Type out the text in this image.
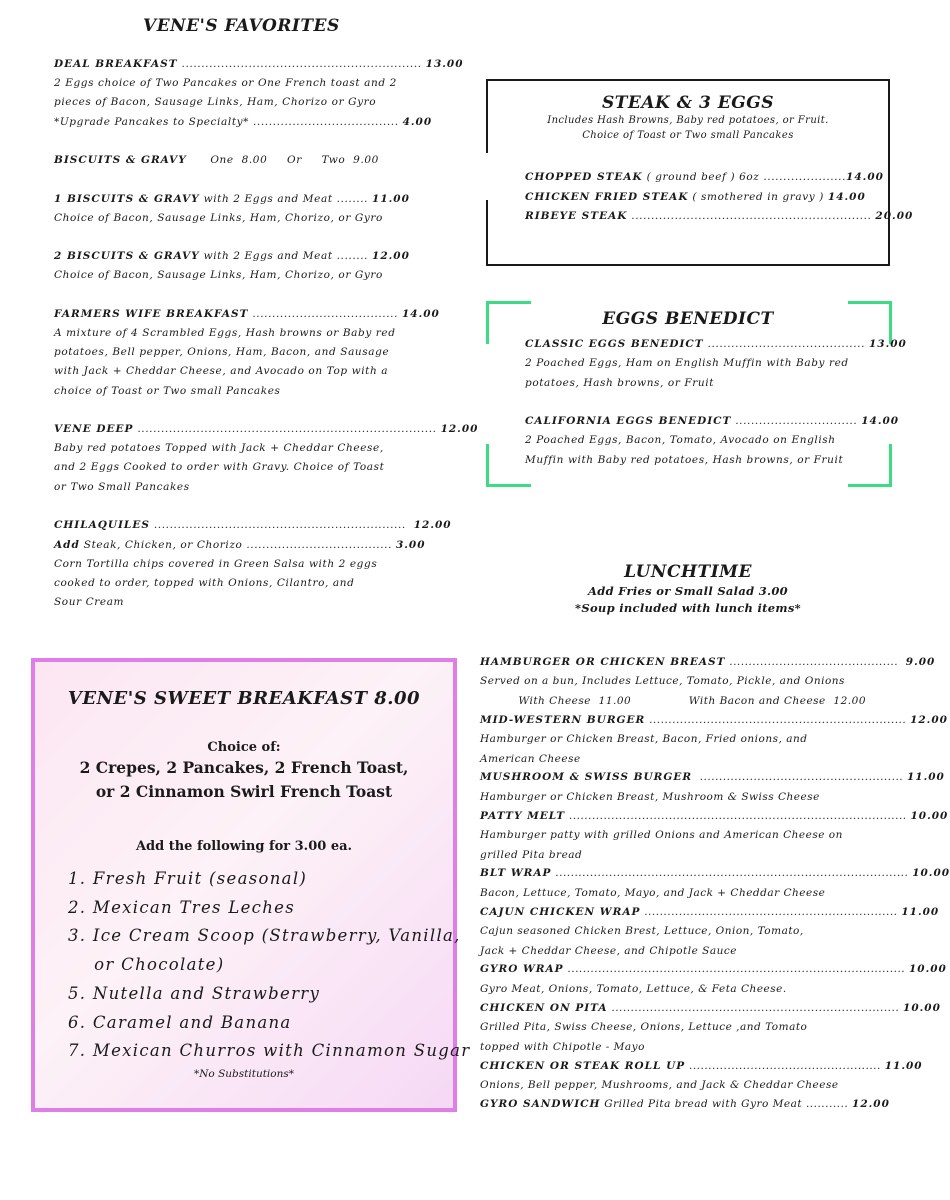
VENE'S FAVORITES
DEAL BREAKFAST ............................................................. 13.00
2 Eggs choice of Two Pancakes or One French toast and 2
pieces of Bacon, Sausage Links, Ham, Chorizo or Gyro
*Upgrade Pancakes to Specialty* ..................................... 4.00
BISCUITS & GRAVY      One  8.00     Or     Two  9.00
1 BISCUITS & GRAVY with 2 Eggs and Meat ........ 11.00
Choice of Bacon, Sausage Links, Ham, Chorizo, or Gyro
2 BISCUITS & GRAVY with 2 Eggs and Meat ........ 12.00
Choice of Bacon, Sausage Links, Ham, Chorizo, or Gyro
FARMERS WIFE BREAKFAST ..................................... 14.00
A mixture of 4 Scrambled Eggs, Hash browns or Baby red
potatoes, Bell pepper, Onions, Ham, Bacon, and Sausage
with Jack + Cheddar Cheese, and Avocado on Top with a
choice of Toast or Two small Pancakes
VENE DEEP ............................................................................ 12.00
Baby red potatoes Topped with Jack + Cheddar Cheese,
and 2 Eggs Cooked to order with Gravy. Choice of Toast
or Two Small Pancakes
CHILAQUILES ................................................................  12.00
Add Steak, Chicken, or Chorizo ..................................... 3.00
Corn Tortilla chips covered in Green Salsa with 2 eggs
cooked to order, topped with Onions, Cilantro, and
Sour Cream
STEAK & 3 EGGS
Includes Hash Browns, Baby red potatoes, or Fruit.
Choice of Toast or Two small Pancakes
CHOPPED STEAK ( ground beef ) 6oz .....................14.00
CHICKEN FRIED STEAK ( smothered in gravy ) 14.00
RIBEYE STEAK ............................................................. 20.00
EGGS BENEDICT
CLASSIC EGGS BENEDICT ........................................ 13.00
2 Poached Eggs, Ham on English Muffin with Baby red
potatoes, Hash browns, or Fruit
CALIFORNIA EGGS BENEDICT ............................... 14.00
2 Poached Eggs, Bacon, Tomato, Avocado on English
Muffin with Baby red potatoes, Hash browns, or Fruit
LUNCHTIME
Add Fries or Small Salad 3.00
*Soup included with lunch items*
HAMBURGER OR CHICKEN BREAST ............................................  9.00
Served on a bun, Includes Lettuce, Tomato, Pickle, and Onions
With Cheese  11.00               With Bacon and Cheese  12.00
MID-WESTERN BURGER ................................................................... 12.00
Hamburger or Chicken Breast, Bacon, Fried onions, and
American Cheese
MUSHROOM & SWISS BURGER  ..................................................... 11.00
Hamburger or Chicken Breast, Mushroom & Swiss Cheese
PATTY MELT ........................................................................................ 10.00
Hamburger patty with grilled Onions and American Cheese on
grilled Pita bread
BLT WRAP ............................................................................................ 10.00
Bacon, Lettuce, Tomato, Mayo, and Jack + Cheddar Cheese
CAJUN CHICKEN WRAP .................................................................. 11.00
Cajun seasoned Chicken Brest, Lettuce, Onion, Tomato,
Jack + Cheddar Cheese, and Chipotle Sauce
GYRO WRAP ........................................................................................ 10.00
Gyro Meat, Onions, Tomato, Lettuce, & Feta Cheese.
CHICKEN ON PITA ........................................................................... 10.00
Grilled Pita, Swiss Cheese, Onions, Lettuce ,and Tomato
topped with Chipotle - Mayo
CHICKEN OR STEAK ROLL UP .................................................. 11.00
Onions, Bell pepper, Mushrooms, and Jack & Cheddar Cheese
GYRO SANDWICH Grilled Pita bread with Gyro Meat ........... 12.00
VENE'S SWEET BREAKFAST 8.00
Choice of:
2 Crepes, 2 Pancakes, 2 French Toast,
or 2 Cinnamon Swirl French Toast
Add the following for 3.00 ea.
1. Fresh Fruit (seasonal)
2. Mexican Tres Leches
3. Ice Cream Scoop (Strawberry, Vanilla,
or Chocolate)
5. Nutella and Strawberry
6. Caramel and Banana
7. Mexican Churros with Cinnamon Sugar
*No Substitutions*
